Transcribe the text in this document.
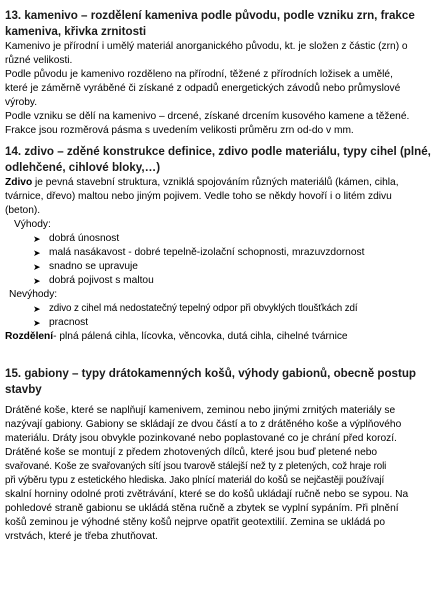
13. kamenivo – rozdělení kameniva podle původu, podle vzniku zrn, frakce
kameniva, křivka zrnitosti
Kamenivo je přírodní i umělý materiál anorganického původu, kt. je složen z částic (zrn) o
různé velikosti.
Podle původu je kamenivo rozděleno na přírodní, těžené z přírodních ložisek a umělé,
které je záměrně vyráběné či získané z odpadů energetických závodů nebo průmyslové
výroby.
Podle vzniku se dělí na kamenivo – drcené, získané drcením kusového kamene a těžené.
Frakce jsou rozměrová pásma s uvedením velikosti průměru zrn od-do v mm.
14. zdivo – zděné konstrukce definice, zdivo podle materiálu, typy cihel (plné,
odlehčené, cihlové bloky,…)
Zdivo je pevná stavební struktura, vzniklá spojováním různých materiálů (kámen, cihla,
tvárnice, dřevo) maltou nebo jiným pojivem. Vedle toho se někdy hovoří i o litém zdivu
(beton).
Výhody:
➤ dobrá únosnost
➤ malá nasákavost - dobré tepelně-izolační schopnosti, mrazuvzdornost
➤ snadno se upravuje
➤ dobrá pojivost s maltou
Nevýhody:
➤ zdivo z cihel má nedostatečný tepelný odpor při obvyklých tloušťkách zdí
➤ pracnost
Rozdělení- plná pálená cihla, lícovka, věncovka, dutá cihla, cihelné tvárnice
15. gabiony – typy drátokamenných košů, výhody gabionů, obecně postup
stavby
Drátěné koše, které se naplňují kamenivem, zeminou nebo jinými zrnitých materiály se
nazývají gabiony. Gabiony se skládají ze dvou částí a to z drátěného koše a výplňového
materiálu. Dráty jsou obvykle pozinkované nebo poplastované co je chrání před korozí.
Drátěné koše se montují z předem zhotovených dílců, které jsou buď pletené nebo
svařované. Koše ze svařovaných sítí jsou tvarově stálejší než ty z pletených, což hraje roli
při výběru typu z estetického hlediska. Jako plnící materiál do košů se nejčastěji používají
skalní horniny odolné proti zvětrávání, které se do košů ukládají ručně nebo se sypou. Na
pohledové straně gabionu se ukládá stěna ručně a zbytek se vyplní sypáním. Při plnění
košů zeminou je výhodné stěny košů nejprve opatřit geotextilií. Zemina se ukládá po
vrstvách, které je třeba zhutňovat.
